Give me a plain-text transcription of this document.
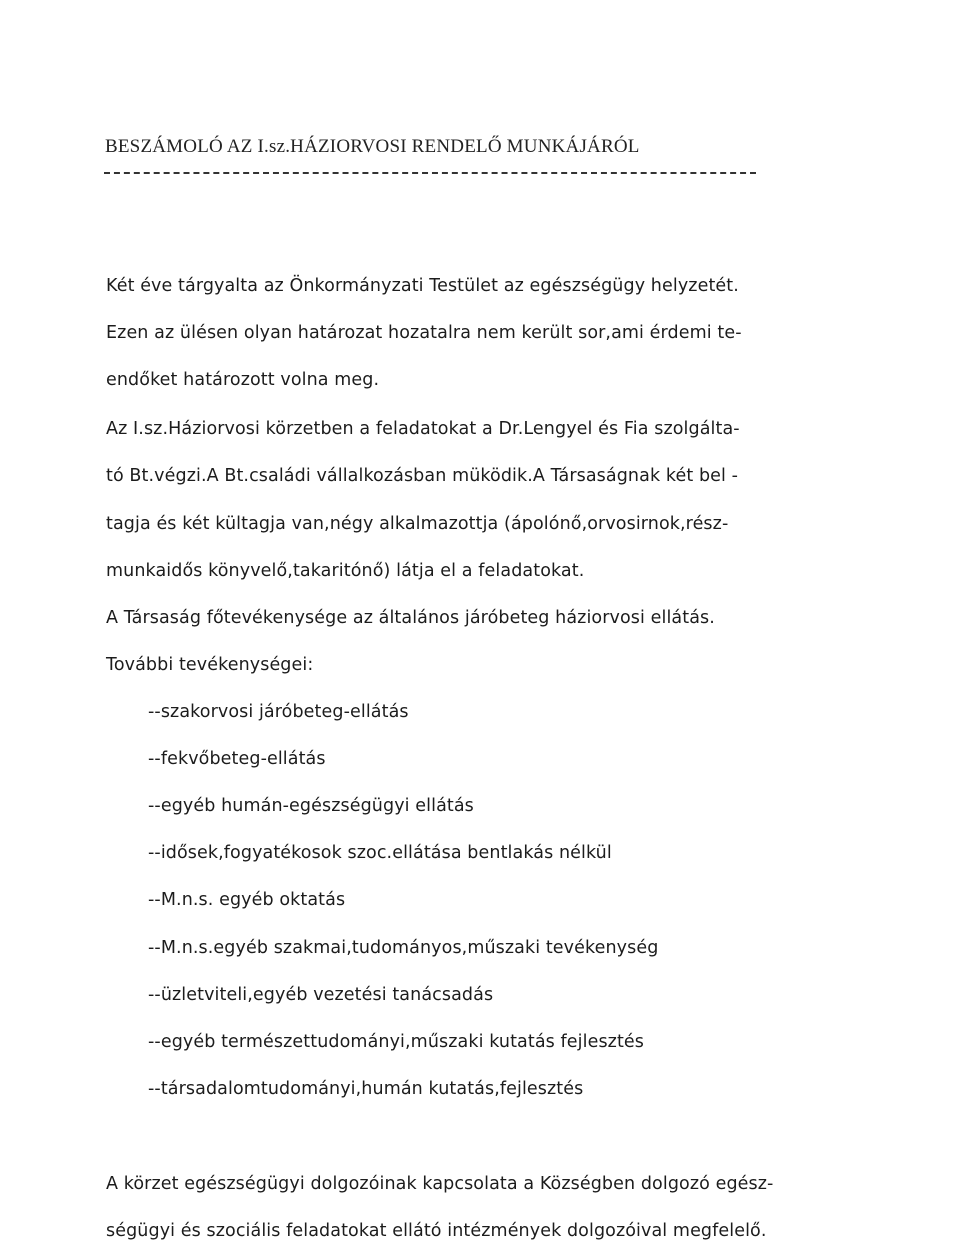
BESZÁMOLÓ AZ I.sz.HÁZIORVOSI RENDELŐ MUNKÁJÁRÓL
Két éve tárgyalta az Önkormányzati Testület az egészségügy helyzetét.
Ezen az ülésen olyan határozat hozatalra nem került sor,ami érdemi te-
endőket határozott volna meg.
Az I.sz.Háziorvosi körzetben a feladatokat a Dr.Lengyel és Fia szolgálta-
tó Bt.végzi.A Bt.családi vállalkozásban müködik.A Társaságnak két bel -
tagja és két kültagja van,négy alkalmazottja (ápolónő,orvosirnok,rész-
munkaidős könyvelő,takaritónő) látja el a feladatokat.
A Társaság főtevékenysége az általános járóbeteg háziorvosi ellátás.
További tevékenységei:
--szakorvosi járóbeteg-ellátás
--fekvőbeteg-ellátás
--egyéb humán-egészségügyi ellátás
--idősek,fogyatékosok szoc.ellátása bentlakás nélkül
--M.n.s. egyéb oktatás
--M.n.s.egyéb szakmai,tudományos,műszaki tevékenység
--üzletviteli,egyéb vezetési tanácsadás
--egyéb természettudományi,műszaki kutatás fejlesztés
--társadalomtudományi,humán kutatás,fejlesztés
A körzet egészségügyi dolgozóinak kapcsolata a Községben dolgozó egész-
ségügyi és szociális feladatokat ellátó intézmények dolgozóival megfelelő.
